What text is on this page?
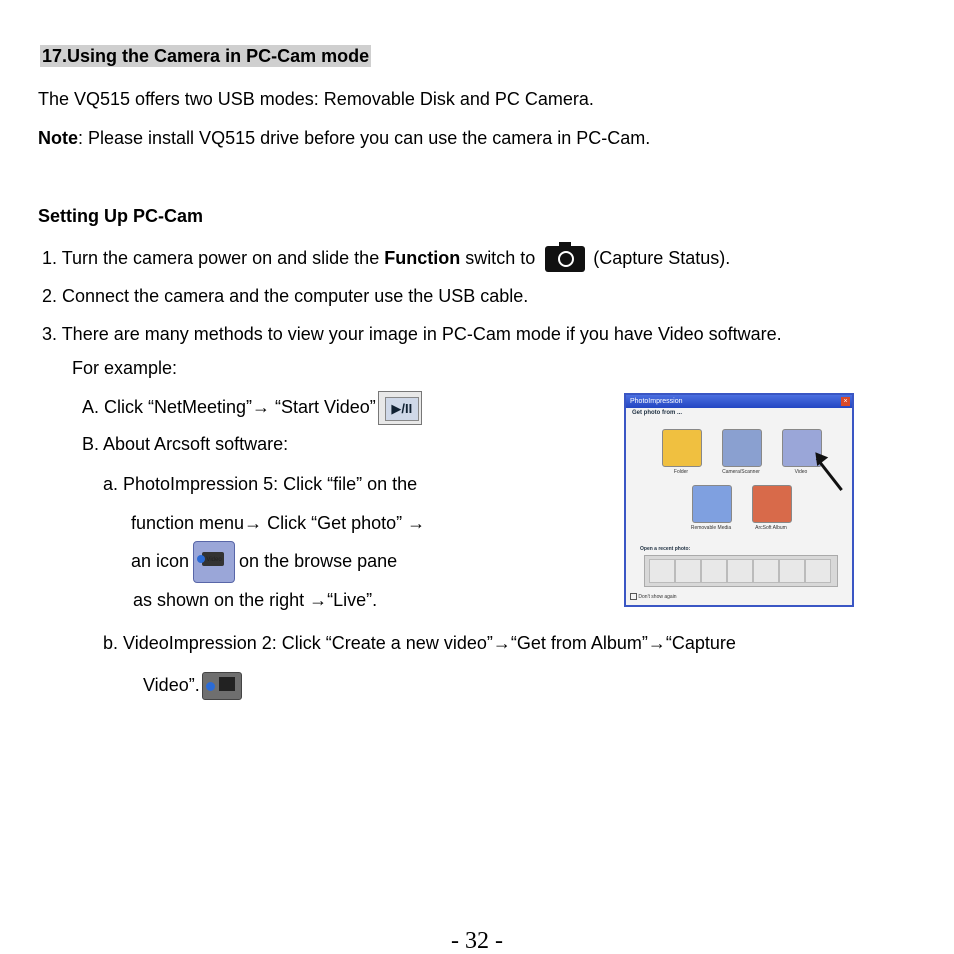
17.Using the Camera in PC-Cam mode
The VQ515 offers two USB modes: Removable Disk and PC Camera.
Note: Please install VQ515 drive before you can use the camera in PC-Cam.
Setting Up PC-Cam
1. Turn the camera power on and slide the Function switch to	(Capture Status).
2. Connect the camera and the computer use the USB cable.
3. There are many methods to view your image in PC-Cam mode if you have Video software.
For example:
A. Click “NetMeeting”→ “Start Video”	▶/II
B. About Arcsoft software:
a. PhotoImpression 5: Click “file” on the
function menu→ Click “Get photo” →
an icon	Video on the browse pane
as shown on the right →“Live”.
b. VideoImpression 2: Click “Create a new video”→“Get from Album”→“Capture
Video”.
PhotoImpression	×
Get photo from ...
Folder	Camera/Scanner	Video
Removable Media	ArcSoft Album
Open a recent photo:
Don't show again
- 32 -
